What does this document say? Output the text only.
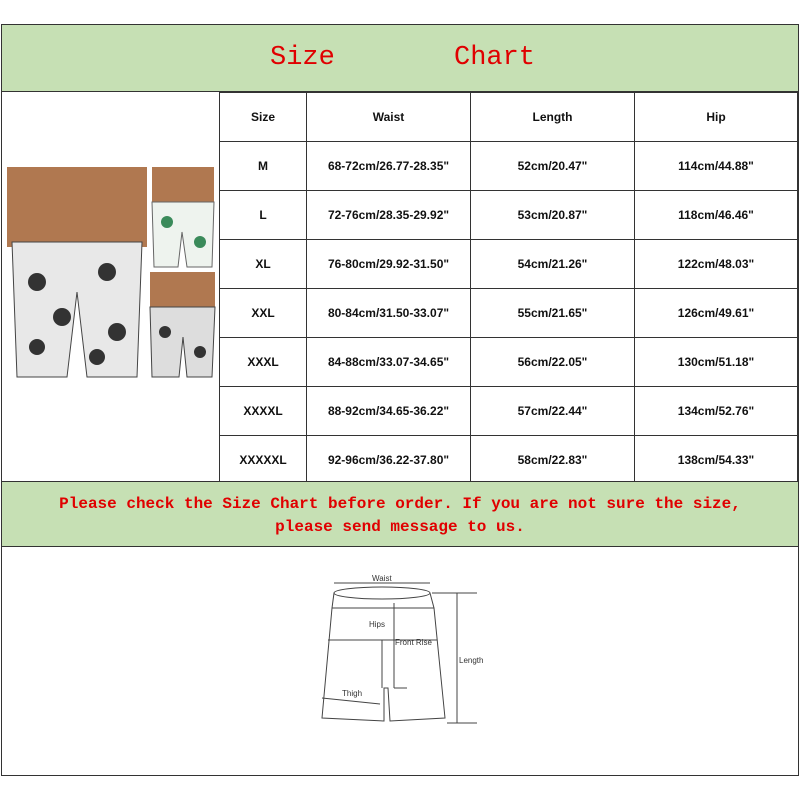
Size	Chart
Size	Waist	Length	Hip
M	68-72cm/26.77-28.35"	52cm/20.47"	114cm/44.88"
L	72-76cm/28.35-29.92"	53cm/20.87"	118cm/46.46"
XL	76-80cm/29.92-31.50"	54cm/21.26"	122cm/48.03"
XXL	80-84cm/31.50-33.07"	55cm/21.65"	126cm/49.61"
XXXL	84-88cm/33.07-34.65"	56cm/22.05"	130cm/51.18"
XXXXL	88-92cm/34.65-36.22"	57cm/22.44"	134cm/52.76"
XXXXXL	92-96cm/36.22-37.80"	58cm/22.83"	138cm/54.33"
Please check the Size Chart before order. If you are not sure the size,
please send message to us.
Waist
Hips
Front Rise
Length
Thigh
